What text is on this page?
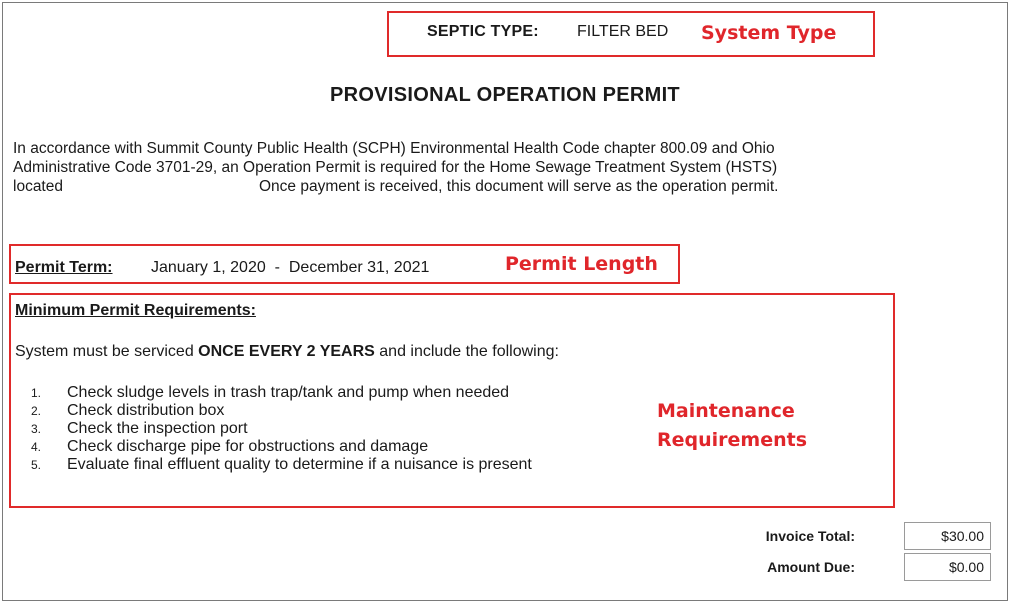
SEPTIC TYPE: FILTER BED System Type
PROVISIONAL OPERATION PERMIT
In accordance with Summit County Public Health (SCPH) Environmental Health Code chapter 800.09 and Ohio
Administrative Code 3701-29, an Operation Permit is required for the Home Sewage Treatment System (HSTS)
located	Once payment is received, this document will serve as the operation permit.
Permit Term: January 1, 2020  -  December 31, 2021	Permit Length
Minimum Permit Requirements:
System must be serviced ONCE EVERY 2 YEARS and include the following:
1. Check sludge levels in trash trap/tank and pump when needed
2. Check distribution box
3. Check the inspection port
4. Check discharge pipe for obstructions and damage
5. Evaluate final effluent quality to determine if a nuisance is present
Maintenance
Requirements
Invoice Total:	$30.00
Amount Due:	$0.00
